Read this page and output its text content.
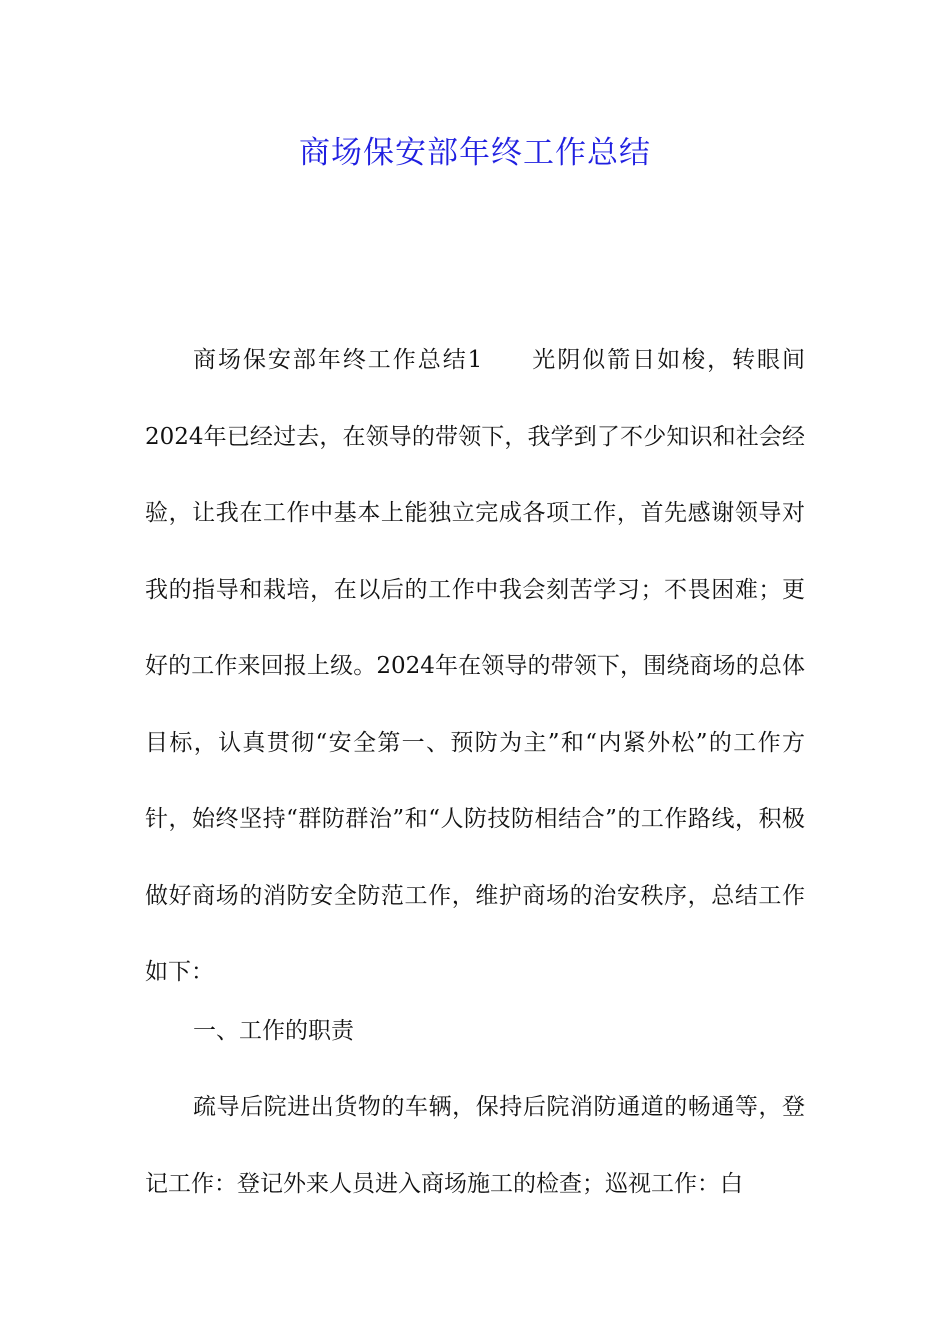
商场保安部年终工作总结

商场保安部年终工作总结1 光阴似箭日如梭，转眼间2024年已经过去，在领导的带领下，我学到了不少知识和社会经验，让我在工作中基本上能独立完成各项工作，首先感谢领导对我的指导和栽培，在以后的工作中我会刻苦学习；不畏困难；更好的工作来回报上级。2024年在领导的带领下，围绕商场的总体目标，认真贯彻“安全第一、预防为主”和“内紧外松”的工作方针，始终坚持“群防群治”和“人防技防相结合”的工作路线，积极做好商场的消防安全防范工作，维护商场的治安秩序，总结工作如下：

一、工作的职责

疏导后院进出货物的车辆，保持后院消防通道的畅通等，登记工作：登记外来人员进入商场施工的检查；巡视工作：白
